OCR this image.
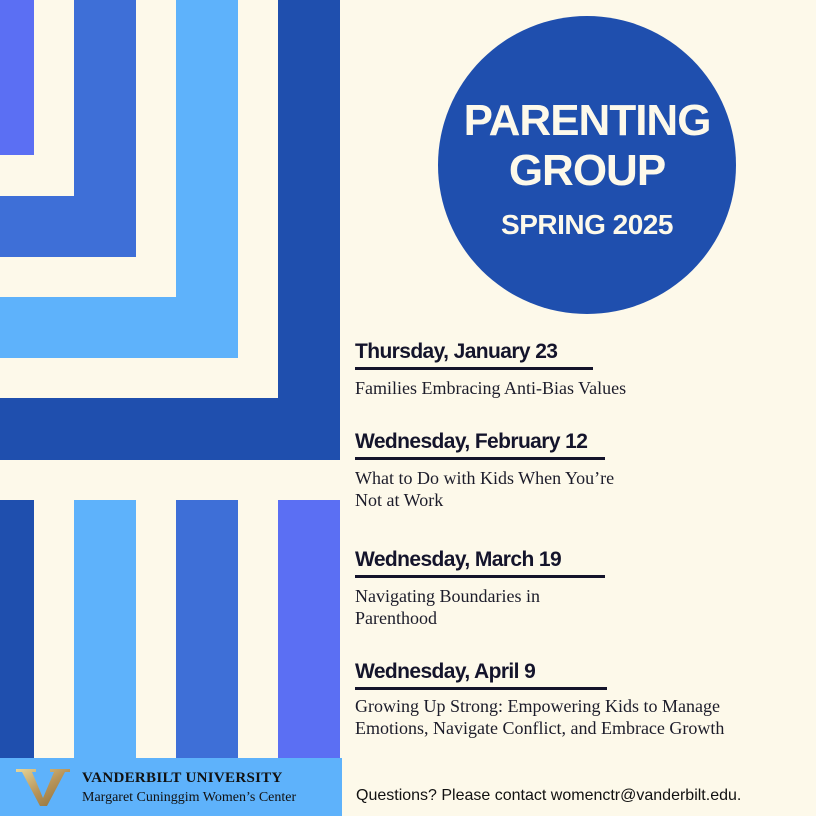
PARENTING
GROUP
SPRING 2025
Thursday, January 23
Families Embracing Anti-Bias Values
Wednesday, February 12
What to Do with Kids When You’re
Not at Work
Wednesday, March 19
Navigating Boundaries in
Parenthood
Wednesday, April 9
Growing Up Strong: Empowering Kids to Manage
Emotions, Navigate Conflict, and Embrace Growth
VANDERBILT UNIVERSITY
Margaret Cuninggim Women’s Center	Questions? Please contact womenctr@vanderbilt.edu.
